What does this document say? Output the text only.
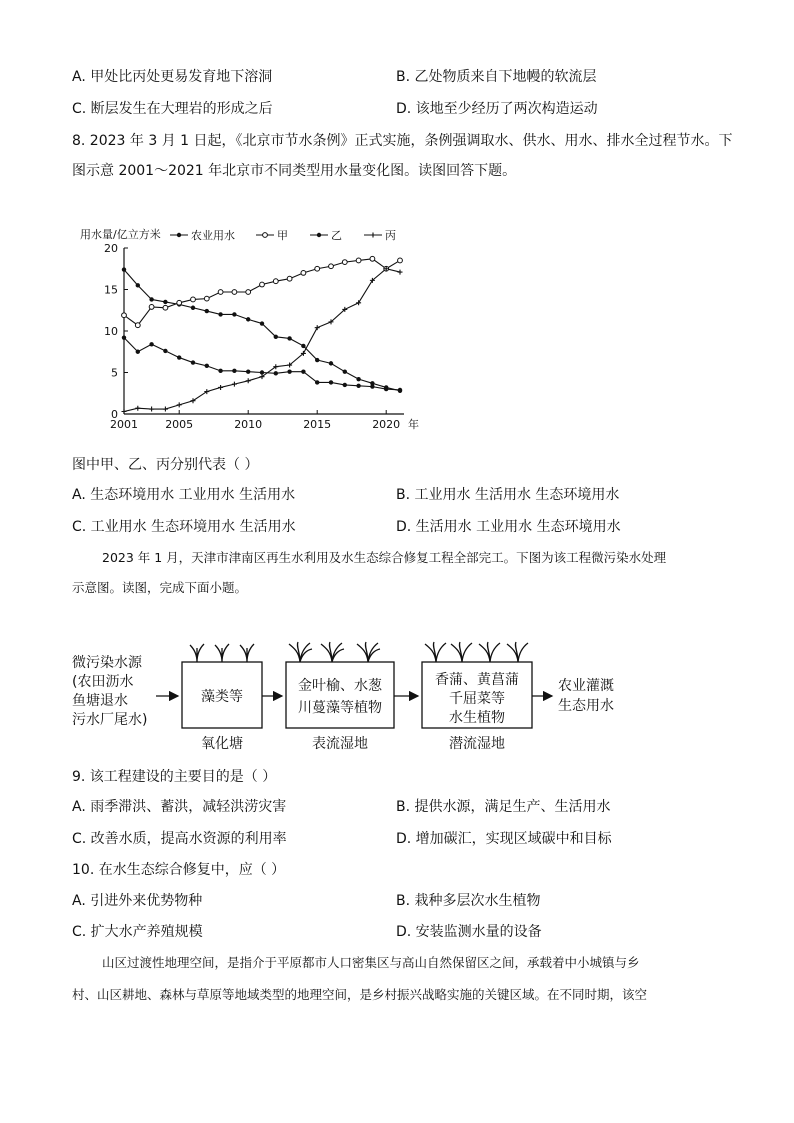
A. 甲处比丙处更易发育地下溶洞	B. 乙处物质来自下地幔的软流层
C. 断层发生在大理岩的形成之后	D. 该地至少经历了两次构造运动
8. 2023 年 3 月 1 日起，《北京市节水条例》正式实施，条例强调取水、供水、用水、排水全过程节水。下
图示意 2001～2021 年北京市不同类型用水量变化图。读图回答下题。
用水量/亿立方米
0
5
10
15
20
2001 2005	2010	2015	2020 年
农业用水	甲	乙	丙
图中甲、乙、丙分别代表（ ）
A. 生态环境用水 工业用水 生活用水	B. 工业用水 生活用水 生态环境用水
C. 工业用水 生态环境用水 生活用水	D. 生活用水 工业用水 生态环境用水
2023 年 1 月，天津市津南区再生水利用及水生态综合修复工程全部完工。下图为该工程微污染水处理
示意图。读图，完成下面小题。
微污染水源
(农田沥水
鱼塘退水
污水厂尾水)
藻类等
氧化塘
金叶榆、水葱
川蔓藻等植物
表流湿地
香蒲、黄菖蒲
千屈菜等
水生植物
潜流湿地
农业灌溉
生态用水
9. 该工程建设的主要目的是（ ）
A. 雨季滞洪、蓄洪，减轻洪涝灾害	B. 提供水源，满足生产、生活用水
C. 改善水质，提高水资源的利用率	D. 增加碳汇，实现区域碳中和目标
10. 在水生态综合修复中，应（ ）
A. 引进外来优势物种	B. 栽种多层次水生植物
C. 扩大水产养殖规模	D. 安装监测水量的设备
山区过渡性地理空间，是指介于平原都市人口密集区与高山自然保留区之间，承载着中小城镇与乡
村、山区耕地、森林与草原等地域类型的地理空间，是乡村振兴战略实施的关键区域。在不同时期，该空
